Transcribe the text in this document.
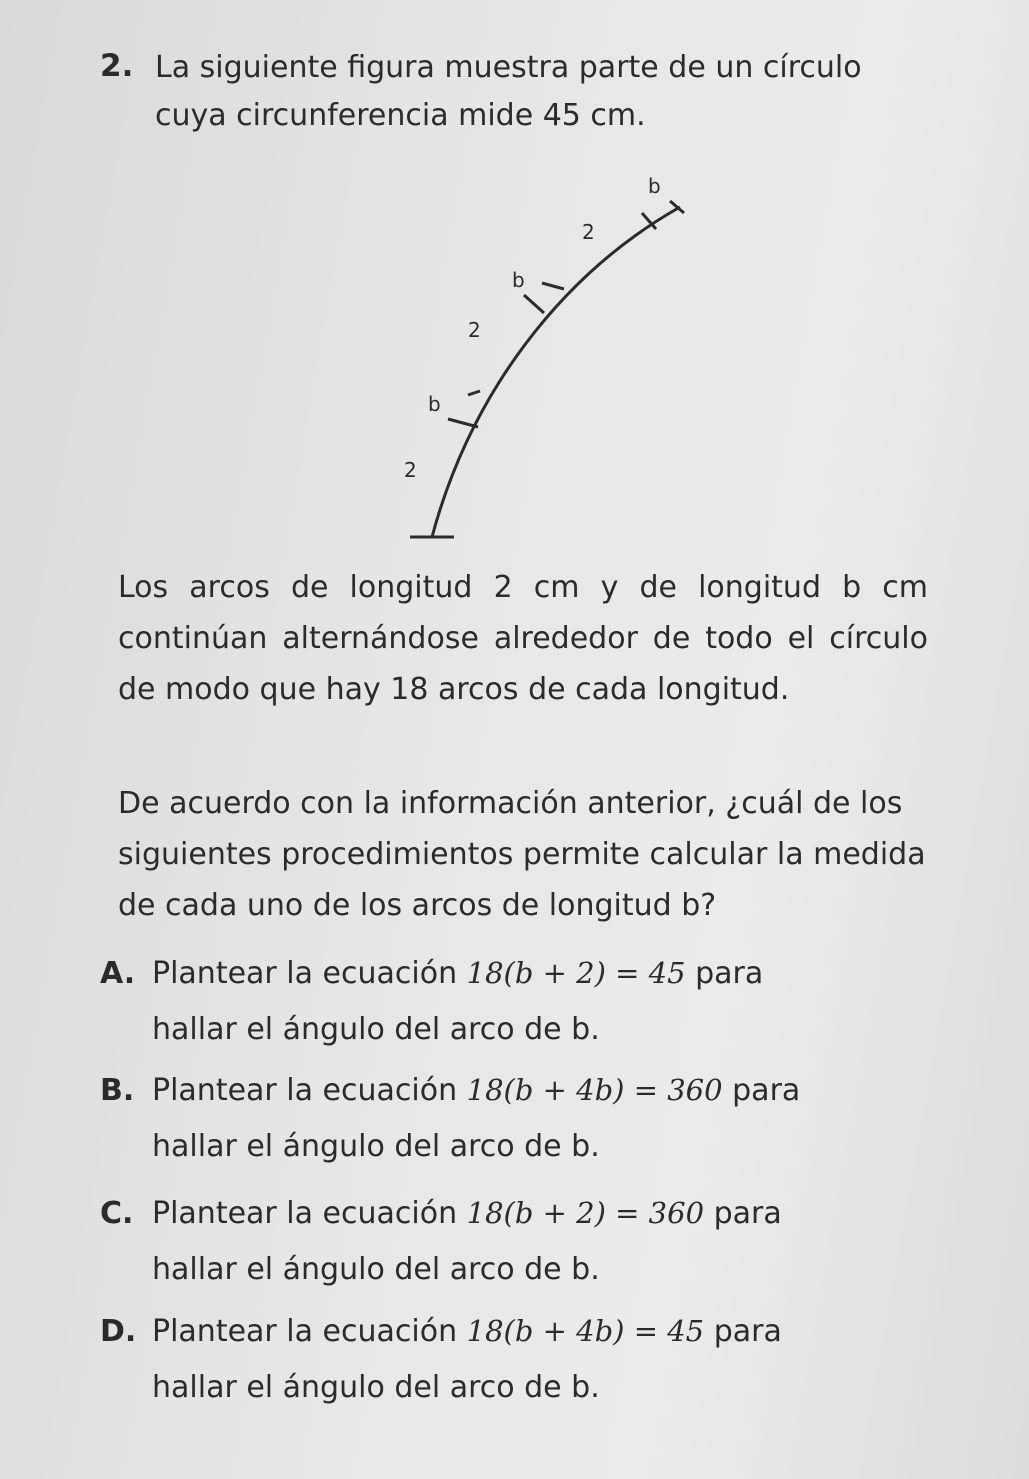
2. La siguiente figura muestra parte de un círculo
cuya circunferencia mide 45 cm.
b
2
b
2
b
2
Los arcos de longitud 2 cm y de longitud b cm continúan alternándose alrededor de todo el círculo de modo que hay 18 arcos de cada longitud.
De acuerdo con la información anterior, ¿cuál de los siguientes procedimientos permite calcular la medida de cada uno de los arcos de longitud b?
A. Plantear la ecuación 18(b + 2) = 45 para
hallar el ángulo del arco de b.
B. Plantear la ecuación 18(b + 4b) = 360 para
hallar el ángulo del arco de b.
C. Plantear la ecuación 18(b + 2) = 360 para
hallar el ángulo del arco de b.
D. Plantear la ecuación 18(b + 4b) = 45 para
hallar el ángulo del arco de b.
